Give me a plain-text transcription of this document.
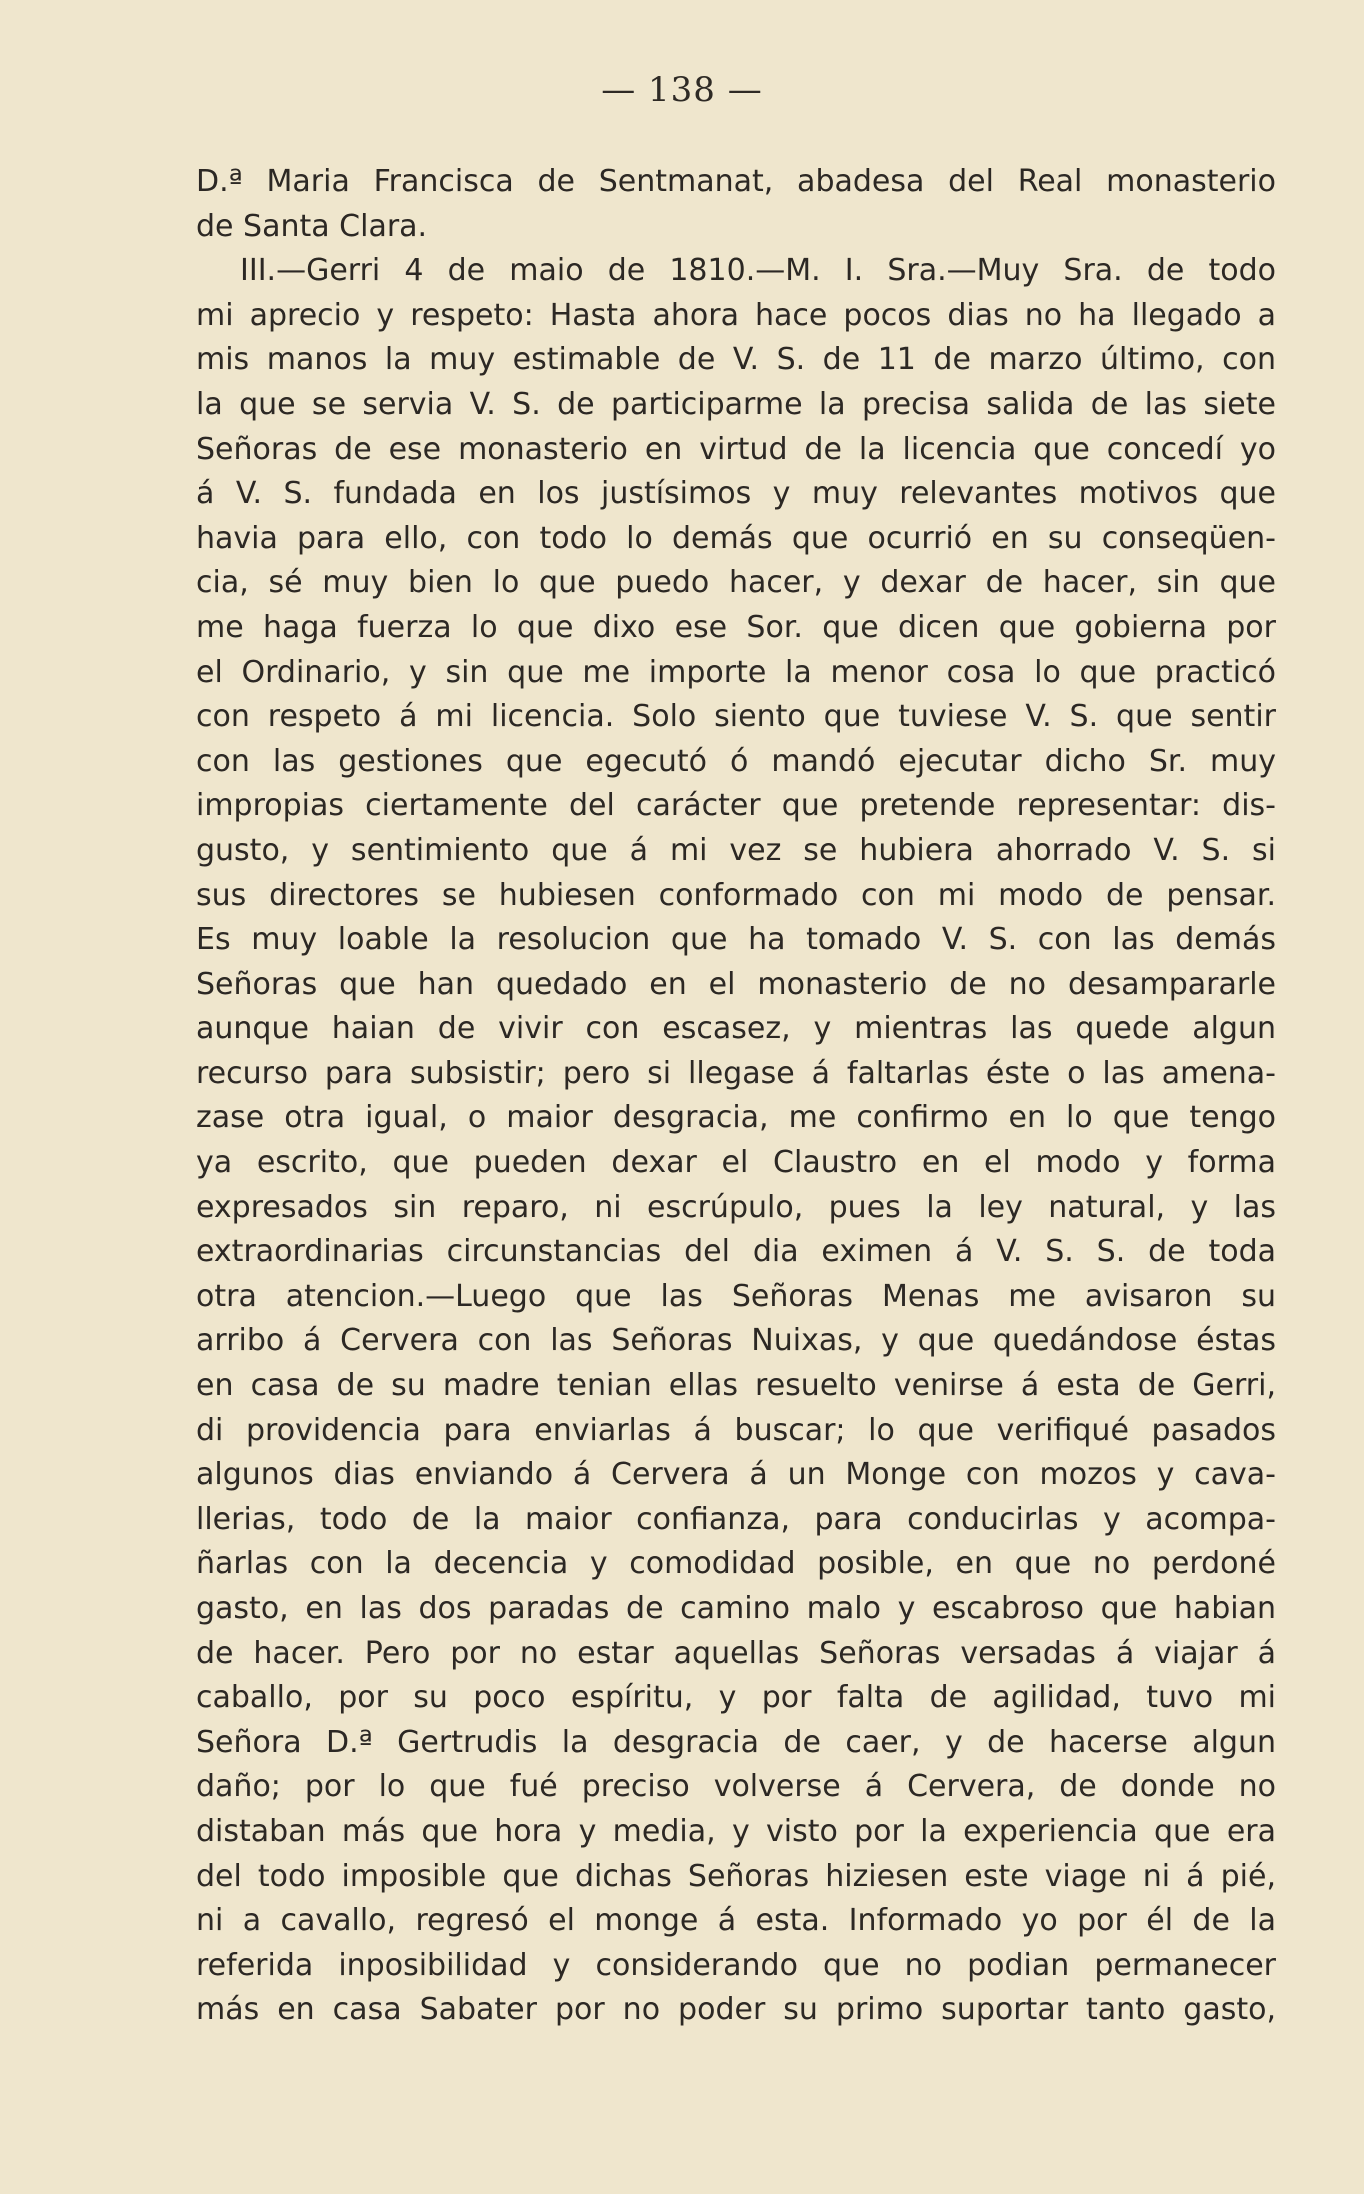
— 138 —
D.ª Maria Francisca de Sentmanat, abadesa del Real monasterio
de Santa Clara.
III.—Gerri 4 de maio de 1810.—M. I. Sra.—Muy Sra. de todo
mi aprecio y respeto: Hasta ahora hace pocos dias no ha llegado a
mis manos la muy estimable de V. S. de 11 de marzo último, con
la que se servia V. S. de participarme la precisa salida de las siete
Señoras de ese monasterio en virtud de la licencia que concedí yo
á V. S. fundada en los justísimos y muy relevantes motivos que
havia para ello, con todo lo demás que ocurrió en su conseqüen-
cia, sé muy bien lo que puedo hacer, y dexar de hacer, sin que
me haga fuerza lo que dixo ese Sor. que dicen que gobierna por
el Ordinario, y sin que me importe la menor cosa lo que practicó
con respeto á mi licencia. Solo siento que tuviese V. S. que sentir
con las gestiones que egecutó ó mandó ejecutar dicho Sr. muy
impropias ciertamente del carácter que pretende representar: dis-
gusto, y sentimiento que á mi vez se hubiera ahorrado V. S. si
sus directores se hubiesen conformado con mi modo de pensar.
Es muy loable la resolucion que ha tomado V. S. con las demás
Señoras que han quedado en el monasterio de no desampararle
aunque haian de vivir con escasez, y mientras las quede algun
recurso para subsistir; pero si llegase á faltarlas éste o las amena-
zase otra igual, o maior desgracia, me confirmo en lo que tengo
ya escrito, que pueden dexar el Claustro en el modo y forma
expresados sin reparo, ni escrúpulo, pues la ley natural, y las
extraordinarias circunstancias del dia eximen á V. S. S. de toda
otra atencion.—Luego que las Señoras Menas me avisaron su
arribo á Cervera con las Señoras Nuixas, y que quedándose éstas
en casa de su madre tenian ellas resuelto venirse á esta de Gerri,
di providencia para enviarlas á buscar; lo que verifiqué pasados
algunos dias enviando á Cervera á un Monge con mozos y cava-
llerias, todo de la maior confianza, para conducirlas y acompa-
ñarlas con la decencia y comodidad posible, en que no perdoné
gasto, en las dos paradas de camino malo y escabroso que habian
de hacer. Pero por no estar aquellas Señoras versadas á viajar á
caballo, por su poco espíritu, y por falta de agilidad, tuvo mi
Señora D.ª Gertrudis la desgracia de caer, y de hacerse algun
daño; por lo que fué preciso volverse á Cervera, de donde no
distaban más que hora y media, y visto por la experiencia que era
del todo imposible que dichas Señoras hiziesen este viage ni á pié,
ni a cavallo, regresó el monge á esta. Informado yo por él de la
referida inposibilidad y considerando que no podian permanecer
más en casa Sabater por no poder su primo suportar tanto gasto,
